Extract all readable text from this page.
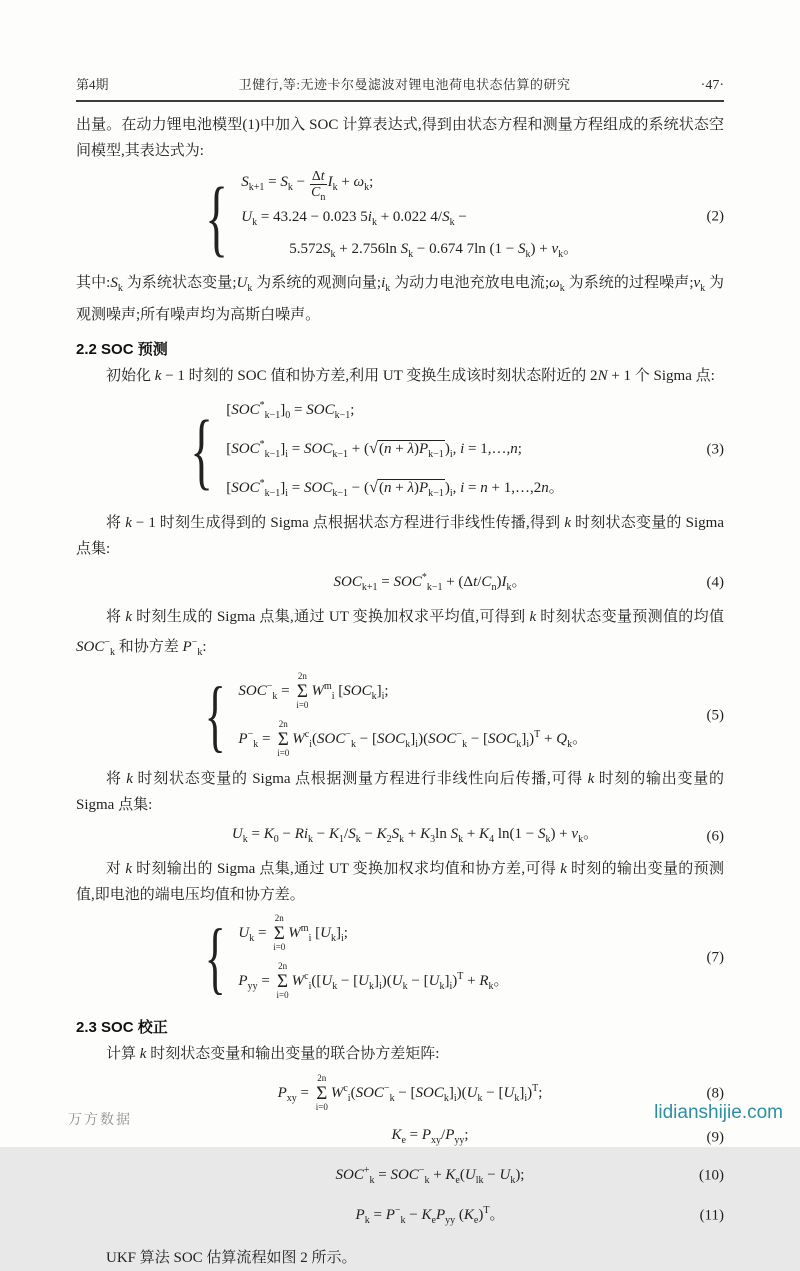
第4期	卫健行,等:无迹卡尔曼滤波对锂电池荷电状态估算的研究	·47·

出量。在动力锂电池模型(1)中加入 SOC 计算表达式,得到由状态方程和测量方程组成的系统状态空间模型,其表达式为:

{ $S_{k+1} = S_k - \frac{\Delta t}{C_n} I_k + \omega_k$;
$U_k = 43.24 - 0.023$ $5i_k + 0.022$ $4/S_k$ −
$5.572S_k + 2.756\ln$ $S_k - 0.674$ 7ln $(1 - S_k) + v_k$。
(2)

其中$:S_k$ 为系统状态变量$;U_k$ 为系统的观测向量$;i_k$ 为动力电池充放电电流$;\omega_k$ 为系统的过程噪声$;v_k$ 为观测噪声;所有噪声均为高斯白噪声。

2.2 SOC 预测

初始化 k − 1 时刻的 SOC 值和协方差,利用 UT 变换生成该时刻状态附近的 2N + 1 个 Sigma 点:

{ $[SOC^*_{k-1}]_0 = SOC_{k-1}$;
$[SOC^*_{k-1}]_i = SOC_{k-1} + (√(n + \lambda)P_{k-1})_i$, i = 1,…,n;
$[SOC^*_{k-1}]_i = SOC_{k-1} - (√(n + \lambda)P_{k-1})_i$, i = n + 1,…,2n。
(3)

将 k − 1 时刻生成得到的 Sigma 点根据状态方程进行非线性传播,得到 k 时刻状态变量的 Sigma 点集:

$SOC_{k+1} = SOC^*_{k-1} + (\Delta t/C_n)I_k$。	(4)

将 k 时刻生成的 Sigma 点集,通过 UT 变换加权求平均值,可得到 k 时刻状态变量预测值的均值 $SOC^-_k$ 和协方差 $P^-_k$:

{ $SOC^-_k$ =
2n
Σ
i=0
$W^m_i$ $[SOC_k]_i$;
$P^-_k$ =
2n
Σ
i=0
$W^c_i(SOC^-_k - [SOC_k]_i)(SOC^-_k - [SOC_k]_i)^T + Q_k$。
(5)

将 k 时刻状态变量的 Sigma 点根据测量方程进行非线性向后传播,可得 k 时刻的输出变量的 Sigma 点集:

$U_k = K_0 - Ri_k - K_1/S_k - K_2S_k + K_3\ln$ $S_k + K_4$ $\ln(1 - S_k) + v_k$。	(6)

对 k 时刻输出的 Sigma 点集,通过 UT 变换加权求均值和协方差,可得 k 时刻的输出变量的预测值,即电池的端电压均值和协方差。

{ $U_k$ =
2n
Σ
i=0
$W^m_i$ $[U_k]_i$;
$P_{yy}$ =
2n
Σ
i=0
$W^c_i([U_k - [U_k]_i)(U_k - [U_k]_i)^T + R_k$。
(7)
2.3 SOC 校正

计算 k 时刻状态变量和输出变量的联合协方差矩阵:

$P_{xy}$ =
2n
Σ
i=0
$W^c_i(SOC^-_k - [SOC_k]_i)(U_k - [U_k]_i)^T$;	(8)
$K_e = P_{xy}/P_{yy}$;	(9)
$SOC^+_k = SOC^-_k + K_e(U_{lk} - U_k)$;	(10)
$P_k = P^-_k - K_eP_{yy}$ $(K_e)^T$。	(11)

UKF 算法 SOC 估算流程如图 2 所示。

万方数据	lidianshijie.com
